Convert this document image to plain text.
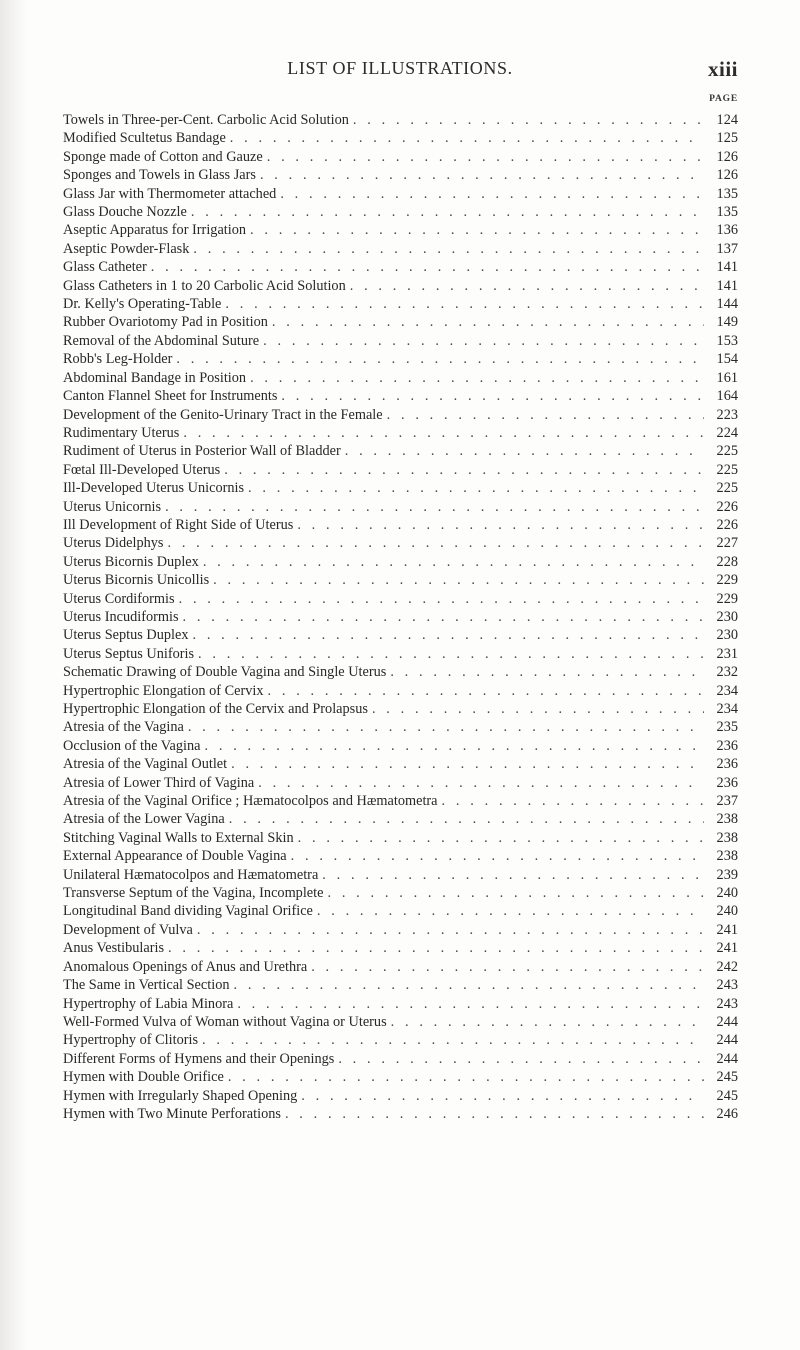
LIST OF ILLUSTRATIONS.	xiii
PAGE
Towels in Three-per-Cent. Carbolic Acid Solution . . .	124
Modified Scultetus Bandage . . .	125
Sponge made of Cotton and Gauze . . .	126
Sponges and Towels in Glass Jars . . .	126
Glass Jar with Thermometer attached . . .	135
Glass Douche Nozzle . . .	135
Aseptic Apparatus for Irrigation . . .	136
Aseptic Powder-Flask . . .	137
Glass Catheter . . .	141
Glass Catheters in 1 to 20 Carbolic Acid Solution . . .	141
Dr. Kelly's Operating-Table . . .	144
Rubber Ovariotomy Pad in Position . . .	149
Removal of the Abdominal Suture . . .	153
Robb's Leg-Holder . . .	154
Abdominal Bandage in Position . . .	161
Canton Flannel Sheet for Instruments . . .	164
Development of the Genito-Urinary Tract in the Female . . .	223
Rudimentary Uterus . . .	224
Rudiment of Uterus in Posterior Wall of Bladder . . .	225
Fœtal Ill-Developed Uterus . . .	225
Ill-Developed Uterus Unicornis . . .	225
Uterus Unicornis . . .	226
Ill Development of Right Side of Uterus . . .	226
Uterus Didelphys . . .	227
Uterus Bicornis Duplex . . .	228
Uterus Bicornis Unicollis . . .	229
Uterus Cordiformis . . .	229
Uterus Incudiformis . . .	230
Uterus Septus Duplex . . .	230
Uterus Septus Uniforis . . .	231
Schematic Drawing of Double Vagina and Single Uterus . . .	232
Hypertrophic Elongation of Cervix . . .	234
Hypertrophic Elongation of the Cervix and Prolapsus . . .	234
Atresia of the Vagina . . .	235
Occlusion of the Vagina . . .	236
Atresia of the Vaginal Outlet . . .	236
Atresia of Lower Third of Vagina . . .	236
Atresia of the Vaginal Orifice ; Hæmatocolpos and Hæmatometra . . .	237
Atresia of the Lower Vagina . . .	238
Stitching Vaginal Walls to External Skin . . .	238
External Appearance of Double Vagina . . .	238
Unilateral Hæmatocolpos and Hæmatometra . . .	239
Transverse Septum of the Vagina, Incomplete . . .	240
Longitudinal Band dividing Vaginal Orifice . . .	240
Development of Vulva . . .	241
Anus Vestibularis . . .	241
Anomalous Openings of Anus and Urethra . . .	242
The Same in Vertical Section . . .	243
Hypertrophy of Labia Minora . . .	243
Well-Formed Vulva of Woman without Vagina or Uterus . . .	244
Hypertrophy of Clitoris . . .	244
Different Forms of Hymens and their Openings . . .	244
Hymen with Double Orifice . . .	245
Hymen with Irregularly Shaped Opening . . .	245
Hymen with Two Minute Perforations . . .	246
